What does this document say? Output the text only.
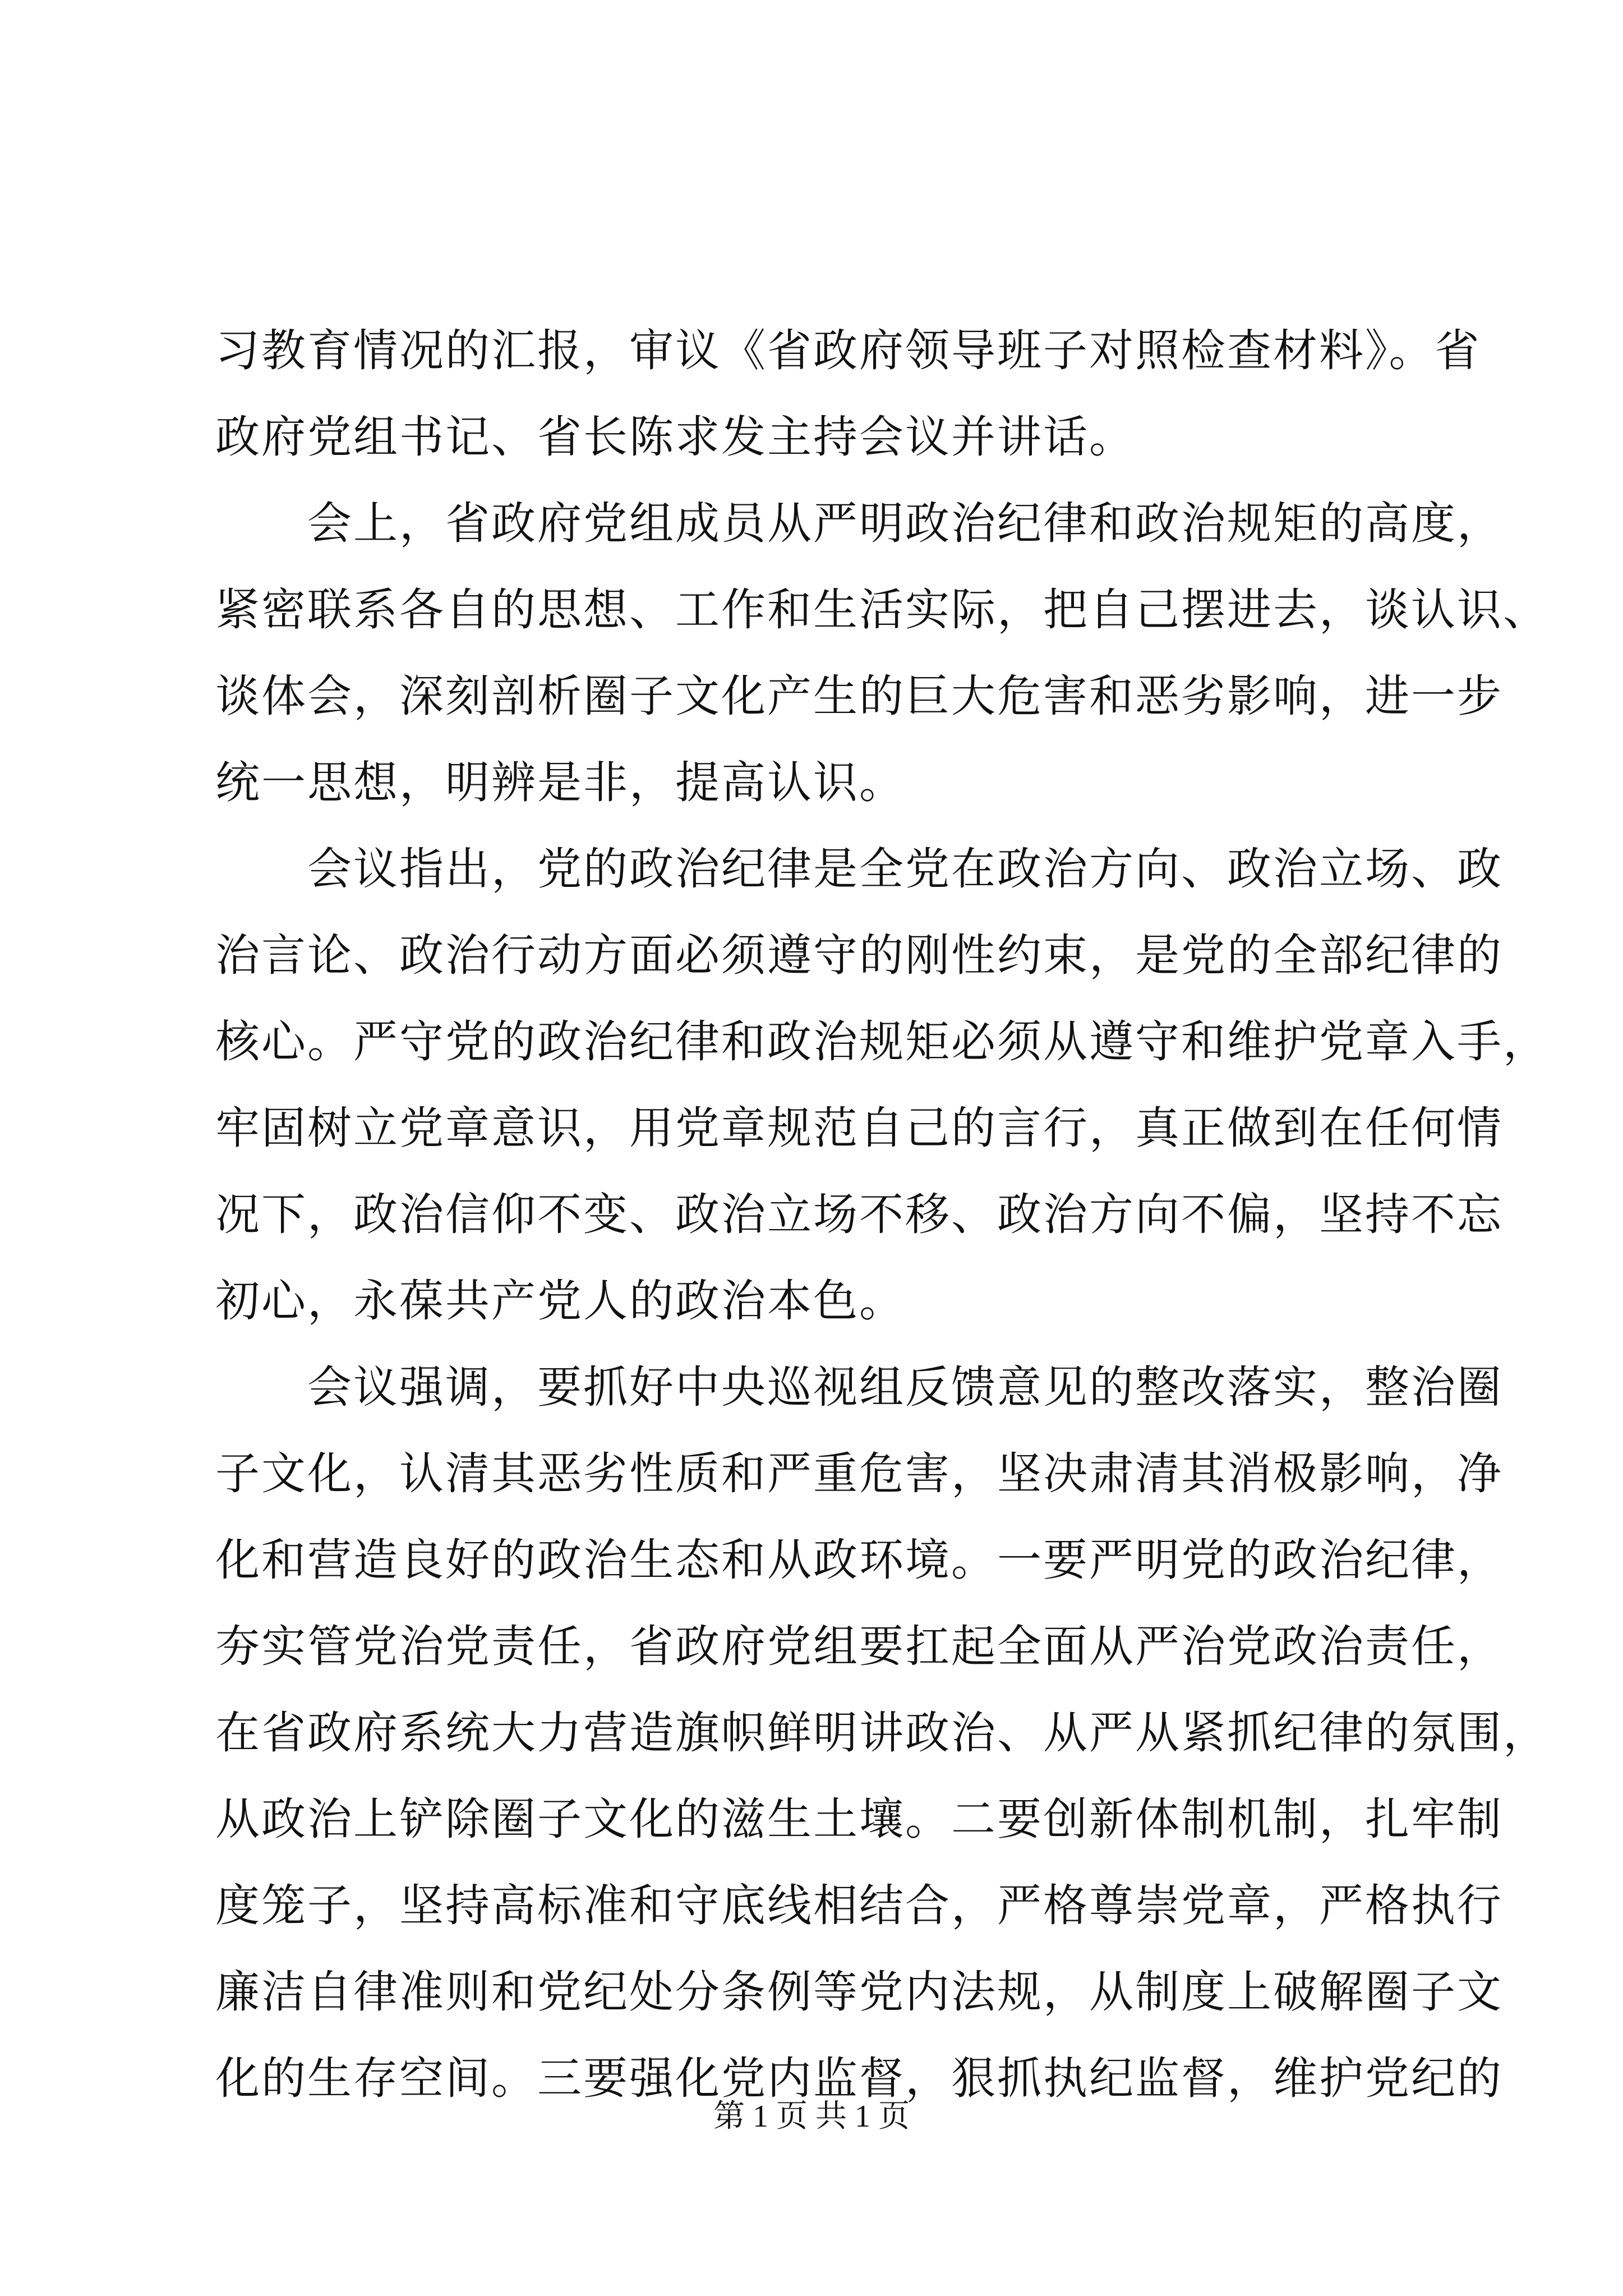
习教育情况的汇报，审议《省政府领导班子对照检查材料》。省

政府党组书记、省长陈求发主持会议并讲话。

　　会上，省政府党组成员从严明政治纪律和政治规矩的高度，

紧密联系各自的思想、工作和生活实际，把自己摆进去，谈认识、

谈体会，深刻剖析圈子文化产生的巨大危害和恶劣影响，进一步

统一思想，明辨是非，提高认识。

　　会议指出，党的政治纪律是全党在政治方向、政治立场、政

治言论、政治行动方面必须遵守的刚性约束，是党的全部纪律的

核心。严守党的政治纪律和政治规矩必须从遵守和维护党章入手，

牢固树立党章意识，用党章规范自己的言行，真正做到在任何情

况下，政治信仰不变、政治立场不移、政治方向不偏，坚持不忘

初心，永葆共产党人的政治本色。

　　会议强调，要抓好中央巡视组反馈意见的整改落实，整治圈

子文化，认清其恶劣性质和严重危害，坚决肃清其消极影响，净

化和营造良好的政治生态和从政环境。一要严明党的政治纪律，

夯实管党治党责任，省政府党组要扛起全面从严治党政治责任，

在省政府系统大力营造旗帜鲜明讲政治、从严从紧抓纪律的氛围，

从政治上铲除圈子文化的滋生土壤。二要创新体制机制，扎牢制

度笼子，坚持高标准和守底线相结合，严格尊崇党章，严格执行

廉洁自律准则和党纪处分条例等党内法规，从制度上破解圈子文

化的生存空间。三要强化党内监督，狠抓执纪监督，维护党纪的

第 1 页 共 1 页
